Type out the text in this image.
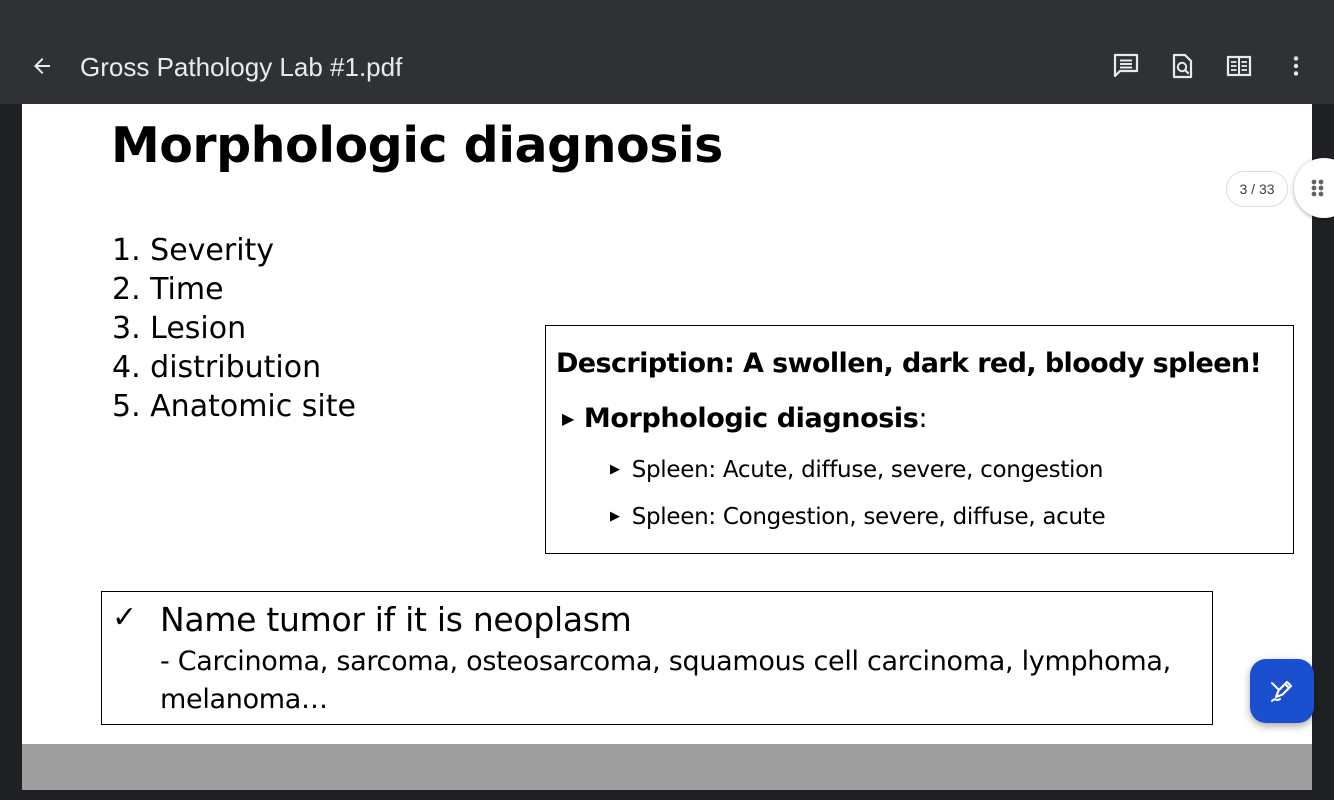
Gross Pathology Lab #1.pdf
Morphologic diagnosis
1. Severity
2. Time
3. Lesion
4. distribution
5. Anatomic site
Description: A swollen, dark red, bloody spleen!
▶ Morphologic diagnosis :
▶ Spleen: Acute, diffuse, severe, congestion
▶ Spleen: Congestion, severe, diffuse, acute
✓ Name tumor if it is neoplasm
- Carcinoma, sarcoma, osteosarcoma, squamous cell carcinoma, lymphoma, melanoma…
3 / 33
